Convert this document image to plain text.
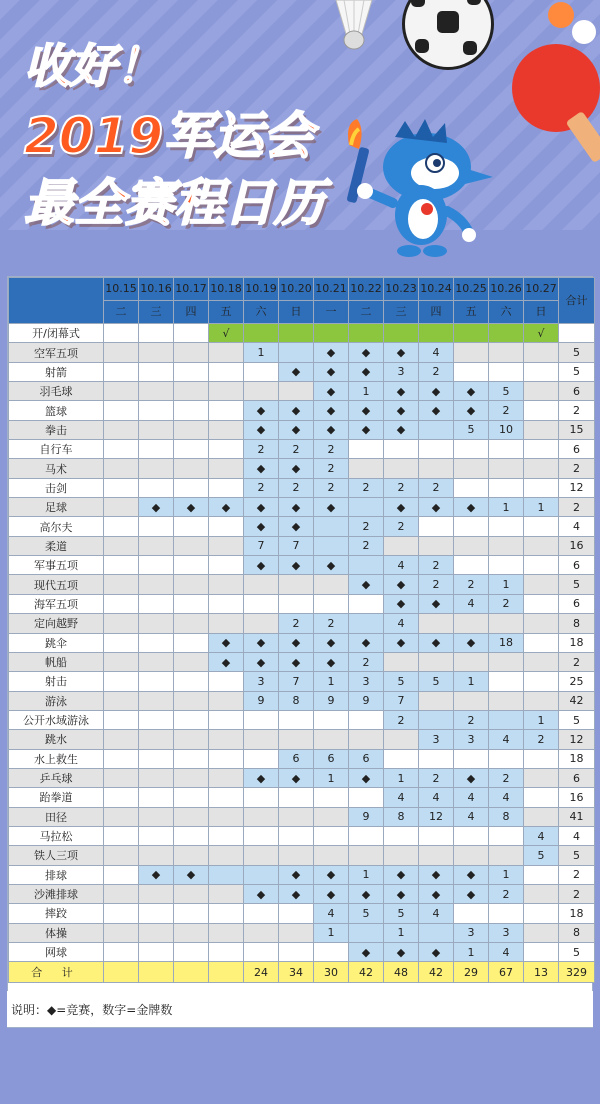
收好！
2019军运会
最全赛程日历
	10.15	10.16	10.17	10.18	10.19	10.20	10.21	10.22	10.23	10.24	10.25	10.26	10.27	合计
	二	三	四	五	六	日	一	二	三	四	五	六	日	
开/闭幕式				√									√	
空军五项					1		◆	◆	◆	4				5
射箭						◆	◆	◆	3	2				5
羽毛球							◆	1	◆	◆	◆	5		6
篮球					◆	◆	◆	◆	◆	◆	◆	2		2
拳击					◆	◆	◆	◆	◆		5	10		15
自行车					2	2	2							6
马术					◆	◆	2							2
击剑					2	2	2	2	2	2				12
足球		◆	◆	◆	◆	◆	◆		◆	◆	◆	1	1	2
高尔夫					◆	◆		2	2					4
柔道					7	7		2						16
军事五项					◆	◆	◆		4	2				6
现代五项								◆	◆	2	2	1		5
海军五项									◆	◆	4	2		6
定向越野						2	2		4					8
跳伞				◆	◆	◆	◆	◆	◆	◆	◆	18		18
帆船				◆	◆	◆	◆	2						2
射击					3	7	1	3	5	5	1			25
游泳					9	8	9	9	7					42
公开水域游泳									2		2		1	5
跳水										3	3	4	2	12
水上救生						6	6	6						18
乒乓球					◆	◆	1	◆	1	2	◆	2		6
跆拳道									4	4	4	4		16
田径								9	8	12	4	8		41
马拉松													4	4
铁人三项													5	5
排球		◆	◆			◆	◆	1	◆	◆	◆	1		2
沙滩排球					◆	◆	◆	◆	◆	◆	◆	2		2
摔跤							4	5	5	4				18
体操							1		1		3	3		8
网球								◆	◆	◆	1	4		5
合 计					24	34	30	42	48	42	29	67	13	329
说明：◆=竞赛，数字=金牌数
